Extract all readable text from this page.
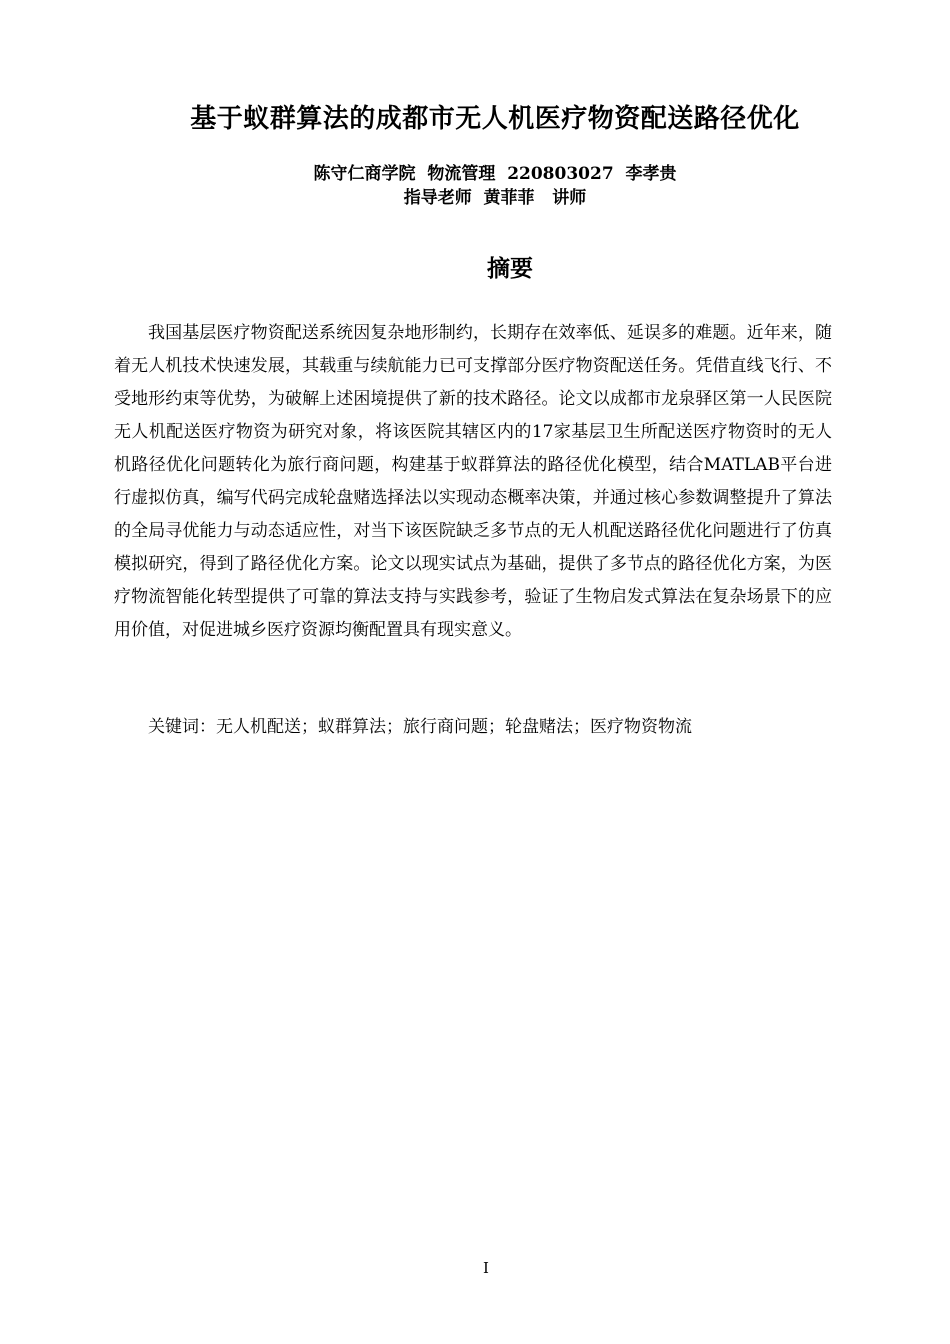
基于蚁群算法的成都市无人机医疗物资配送路径优化
陈守仁商学院  物流管理  220803027  李孝贵
指导老师  黄菲菲   讲师
摘要

我国基层医疗物资配送系统因复杂地形制约，长期存在效率低、延误多的难题。近年来，随着无人机技术快速发展，其载重与续航能力已可支撑部分医疗物资配送任务。凭借直线飞行、不受地形约束等优势，为破解上述困境提供了新的技术路径。论文以成都市龙泉驿区第一人民医院无人机配送医疗物资为研究对象，将该医院其辖区内的17家基层卫生所配送医疗物资时的无人机路径优化问题转化为旅行商问题，构建基于蚁群算法的路径优化模型，结合MATLAB平台进行虚拟仿真，编写代码完成轮盘赌选择法以实现动态概率决策，并通过核心参数调整提升了算法的全局寻优能力与动态适应性，对当下该医院缺乏多节点的无人机配送路径优化问题进行了仿真模拟研究，得到了路径优化方案。论文以现实试点为基础，提供了多节点的路径优化方案，为医疗物流智能化转型提供了可靠的算法支持与实践参考，验证了生物启发式算法在复杂场景下的应用价值，对促进城乡医疗资源均衡配置具有现实意义。

关键词：无人机配送；蚁群算法；旅行商问题；轮盘赌法；医疗物资物流
I
